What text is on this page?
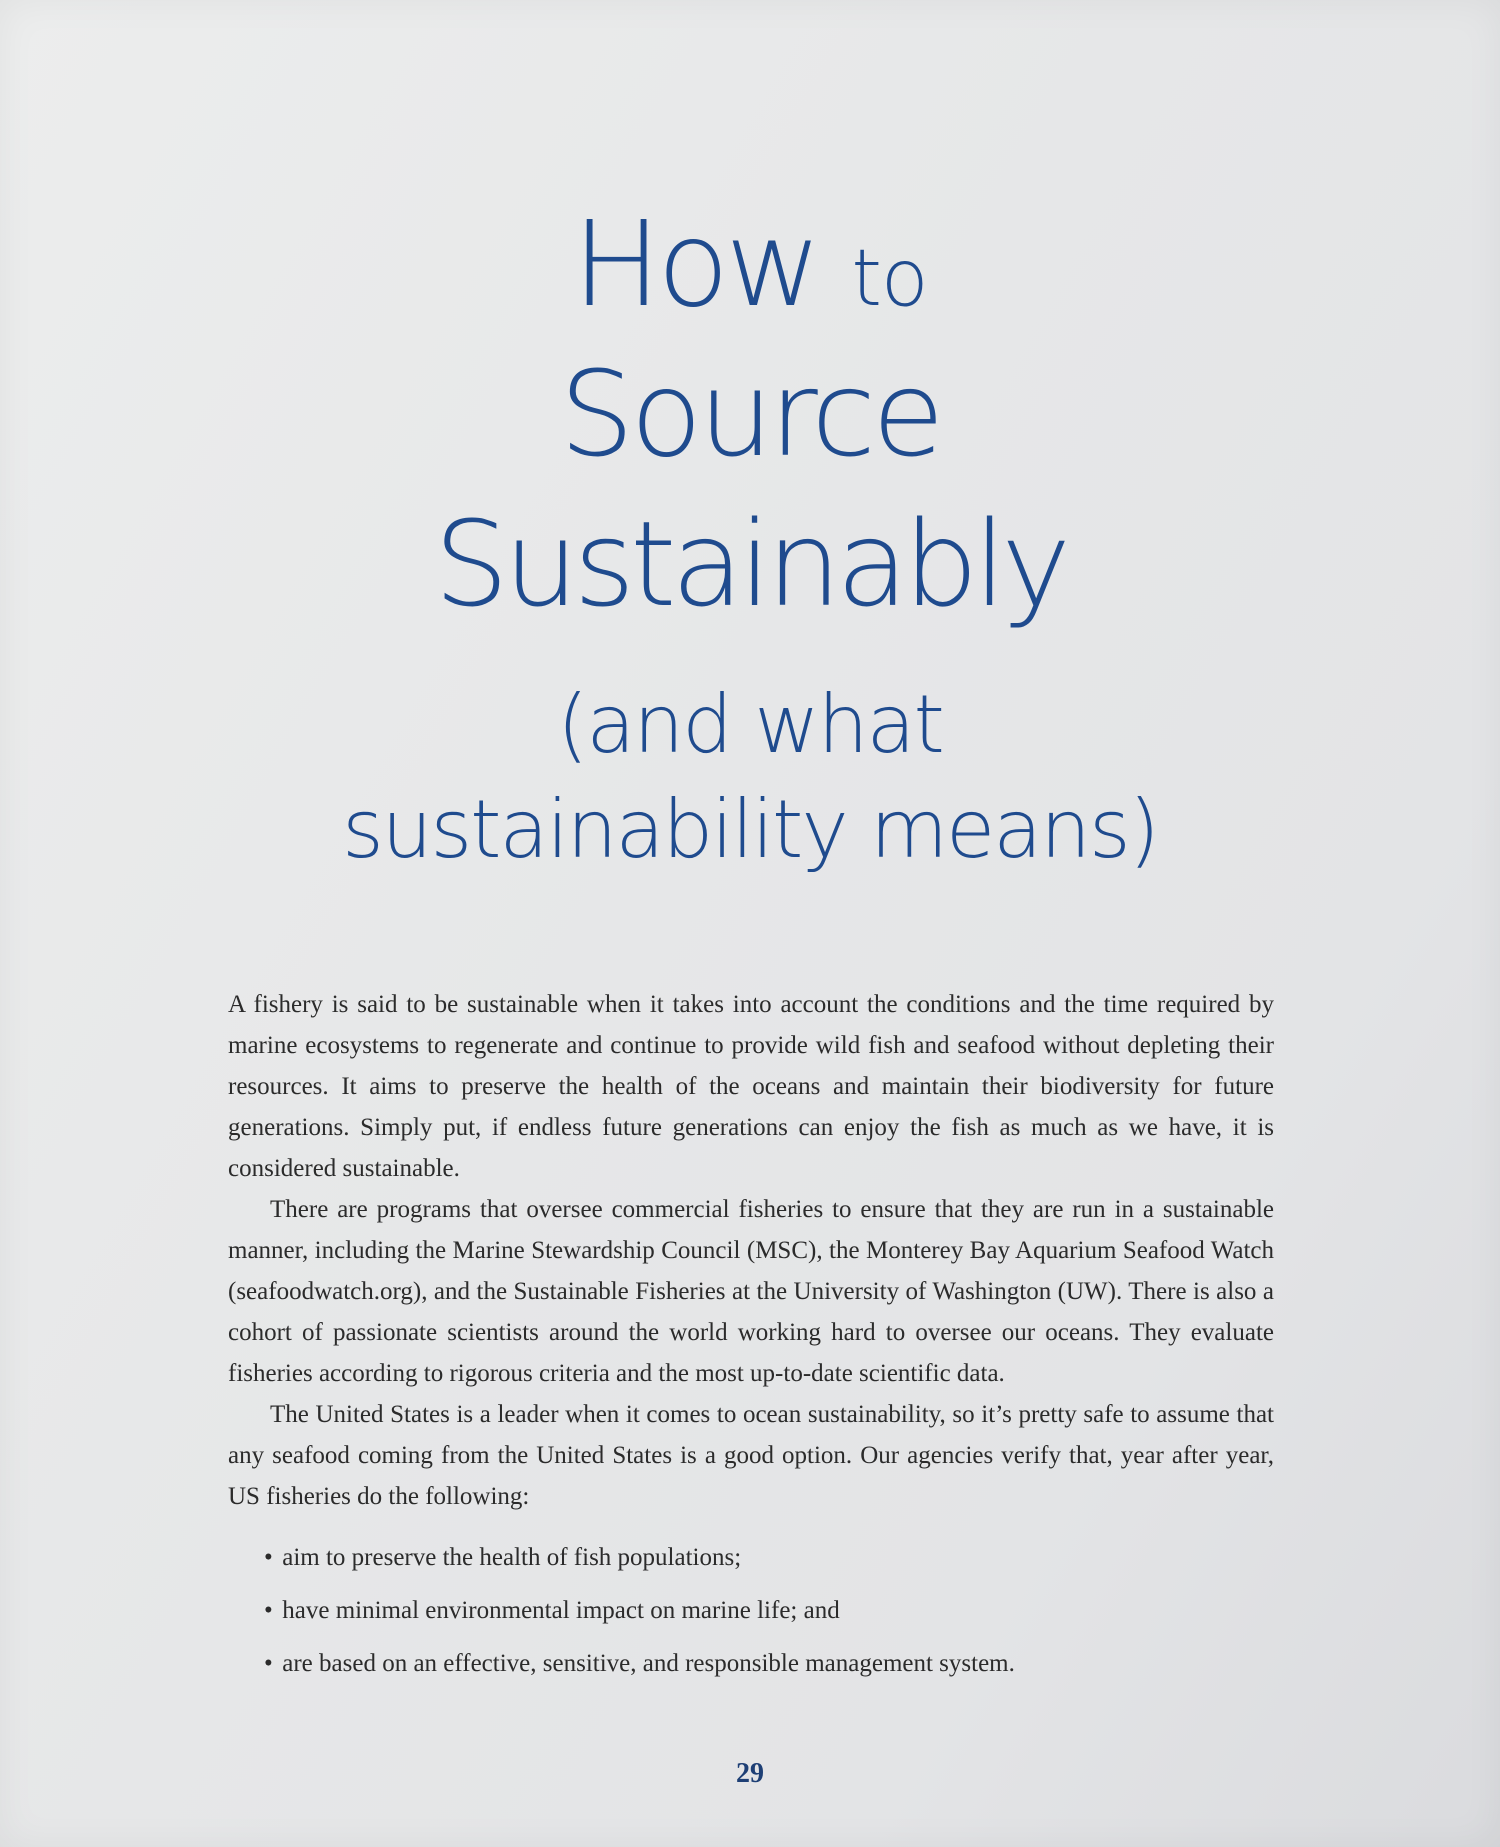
How to
Source
Sustainably
(and what
sustainability means)

A fishery is said to be sustainable when it takes into account the conditions and the time required by marine ecosystems to regenerate and continue to provide wild fish and seafood without depleting their resources. It aims to preserve the health of the oceans and maintain their biodiversity for future generations. Simply put, if endless future generations can enjoy the fish as much as we have, it is considered sustainable.

There are programs that oversee commercial fisheries to ensure that they are run in a sustainable manner, including the Marine Stewardship Council (MSC), the Monterey Bay Aquarium Seafood Watch (seafoodwatch.org), and the Sustainable Fisheries at the University of Washington (UW). There is also a cohort of passionate scientists around the world working hard to oversee our oceans. They evaluate fisheries according to rigorous criteria and the most up-to-date scientific data.

The United States is a leader when it comes to ocean sustainability, so it’s pretty safe to assume that any seafood coming from the United States is a good option. Our agencies verify that, year after year, US fisheries do the following:

• aim to preserve the health of fish populations;
• have minimal environmental impact on marine life; and
• are based on an effective, sensitive, and responsible management system.
29
